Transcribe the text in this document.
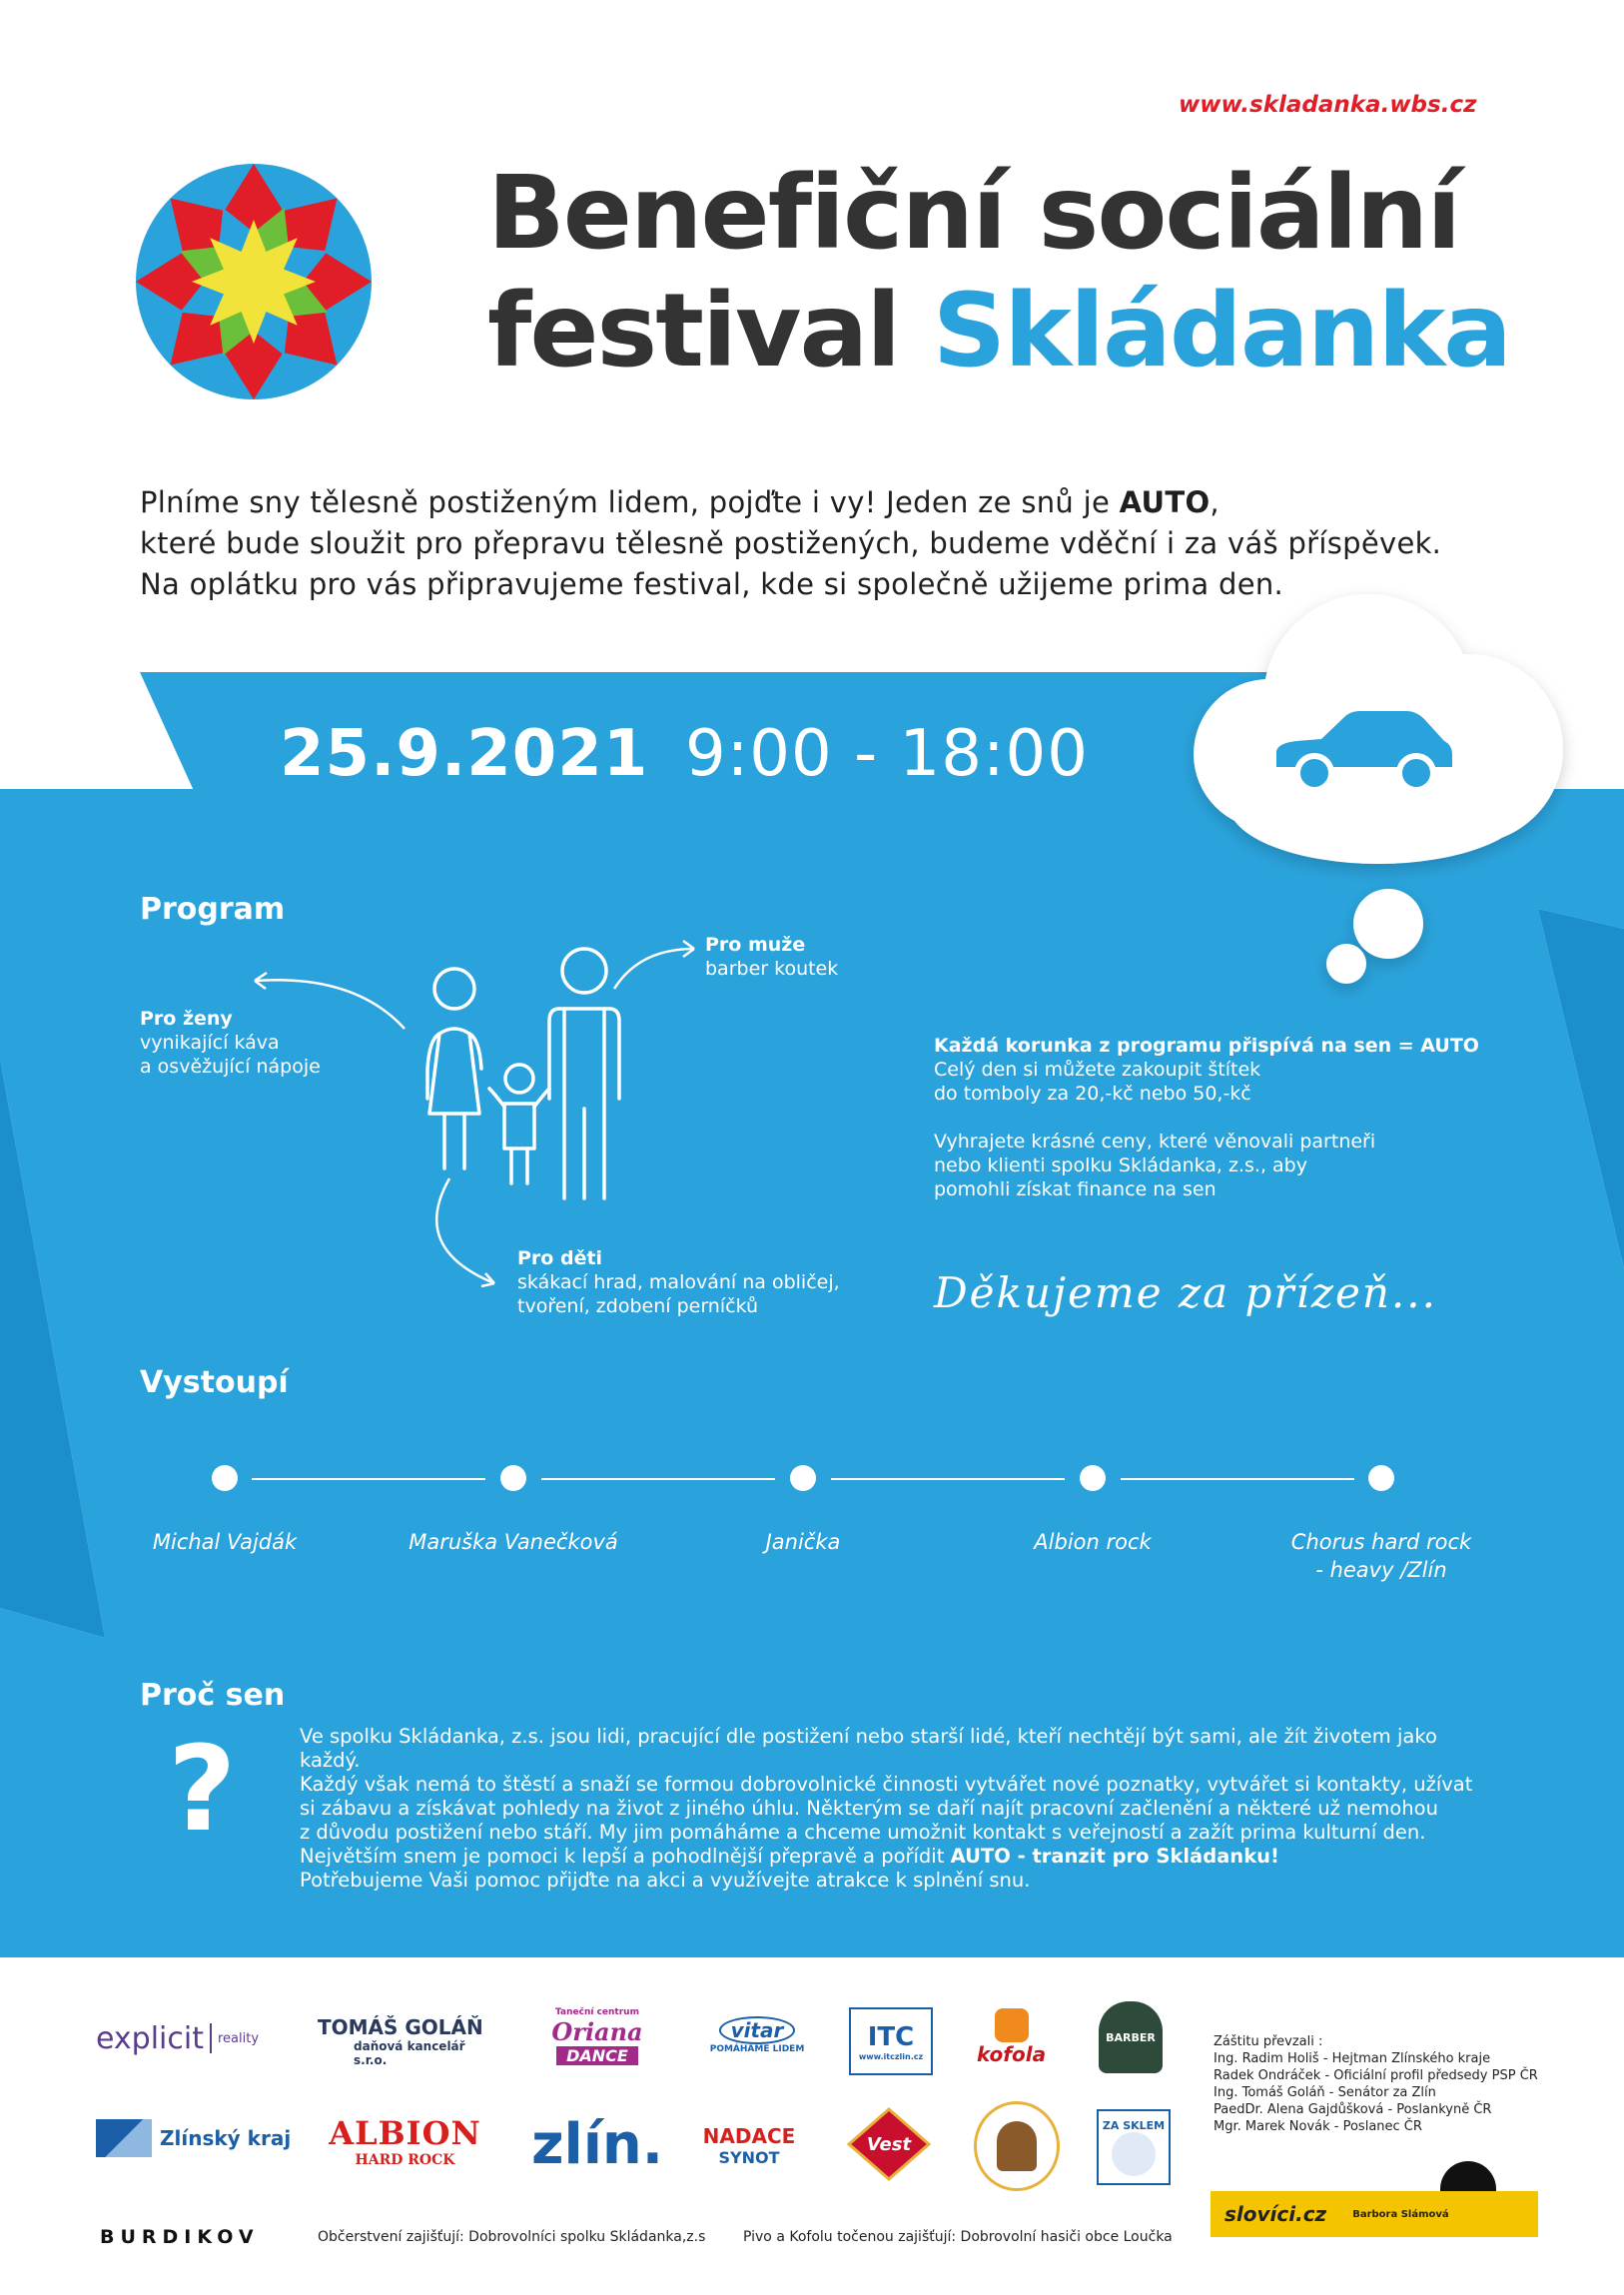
www.skladanka.wbs.cz
Benefiční sociální
festival Skládanka

Plníme sny tělesně postiženým lidem, pojďte i vy! Jeden ze snů je AUTO,

které bude sloužit pro přepravu tělesně postižených, budeme vděční i za váš příspěvek.

Na oplátku pro vás připravujeme festival, kde si společně užijeme prima den.

25.9.2021 9:00 - 18:00
Program
Pro muže
barber koutek
Pro ženy
vynikající káva
a osvěžující nápoje
Pro děti
skákací hrad, malování na obličej,
tvoření, zdobení perníčků
Každá korunka z programu přispívá na sen = AUTO
Celý den si můžete zakoupit štítek
do tomboly za 20,-kč nebo 50,-kč
Vyhrajete krásné ceny, které věnovali partneři
nebo klienti spolku Skládanka, z.s., aby
pomohli získat finance na sen
Děkujeme za přízeň...
Vystoupí
Michal Vajdák	Maruška Vanečková	Janička	Albion rock	Chorus hard rock
- heavy /Zlín
Proč sen
?	Ve spolku Skládanka, z.s. jsou lidi, pracující dle postižení nebo starší lidé, kteří nechtějí být sami, ale žít životem jako každý.

Každý však nemá to štěstí a snaží se formou dobrovolnické činnosti vytvářet nové poznatky, vytvářet si kontakty, užívat

si zábavu a získávat pohledy na život z jiného úhlu. Některým se daří najít pracovní začlenění a některé už nemohou

z důvodu postižení nebo stáří. My jim pomáháme a chceme umožnit kontakt s veřejností a zažít prima kulturní den.

Největším snem je pomoci k lepší a pohodlnější přepravě a pořídit AUTO - tranzit pro Skládanku!

Potřebujeme Vaši pomoc přijďte na akci a využívejte atrakce k splnění snu.

explicit reality	TOMÁŠ GOLÁŇ
daňová kancelář s.r.o.
Taneční centrum
Oriana
DANCE
vitar
POMÁHÁME LIDEM ITC
www.itczlin.cz	kofola
BARBER	Záštitu převzali :

Ing. Radim Holiš - Hejtman Zlínského kraje

Radek Ondráček - Oficiální profil předsedy PSP ČR

Ing. Tomáš Goláň - Senátor za Zlín

PaedDr. Alena Gajdůšková - Poslankyně ČR

Mgr. Marek Novák - Poslanec ČR

Zlínský kraj ALBION
HARD ROCK zlín. NADACE
SYNOT
Vest
ZA SKLEM
slovíci.cz	Barbora Slámová
BURDIKOV	Občerstvení zajišťují: Dobrovolníci spolku Skládanka,z.s	Pivo a Kofolu točenou zajišťují: Dobrovolní hasiči obce Loučka
